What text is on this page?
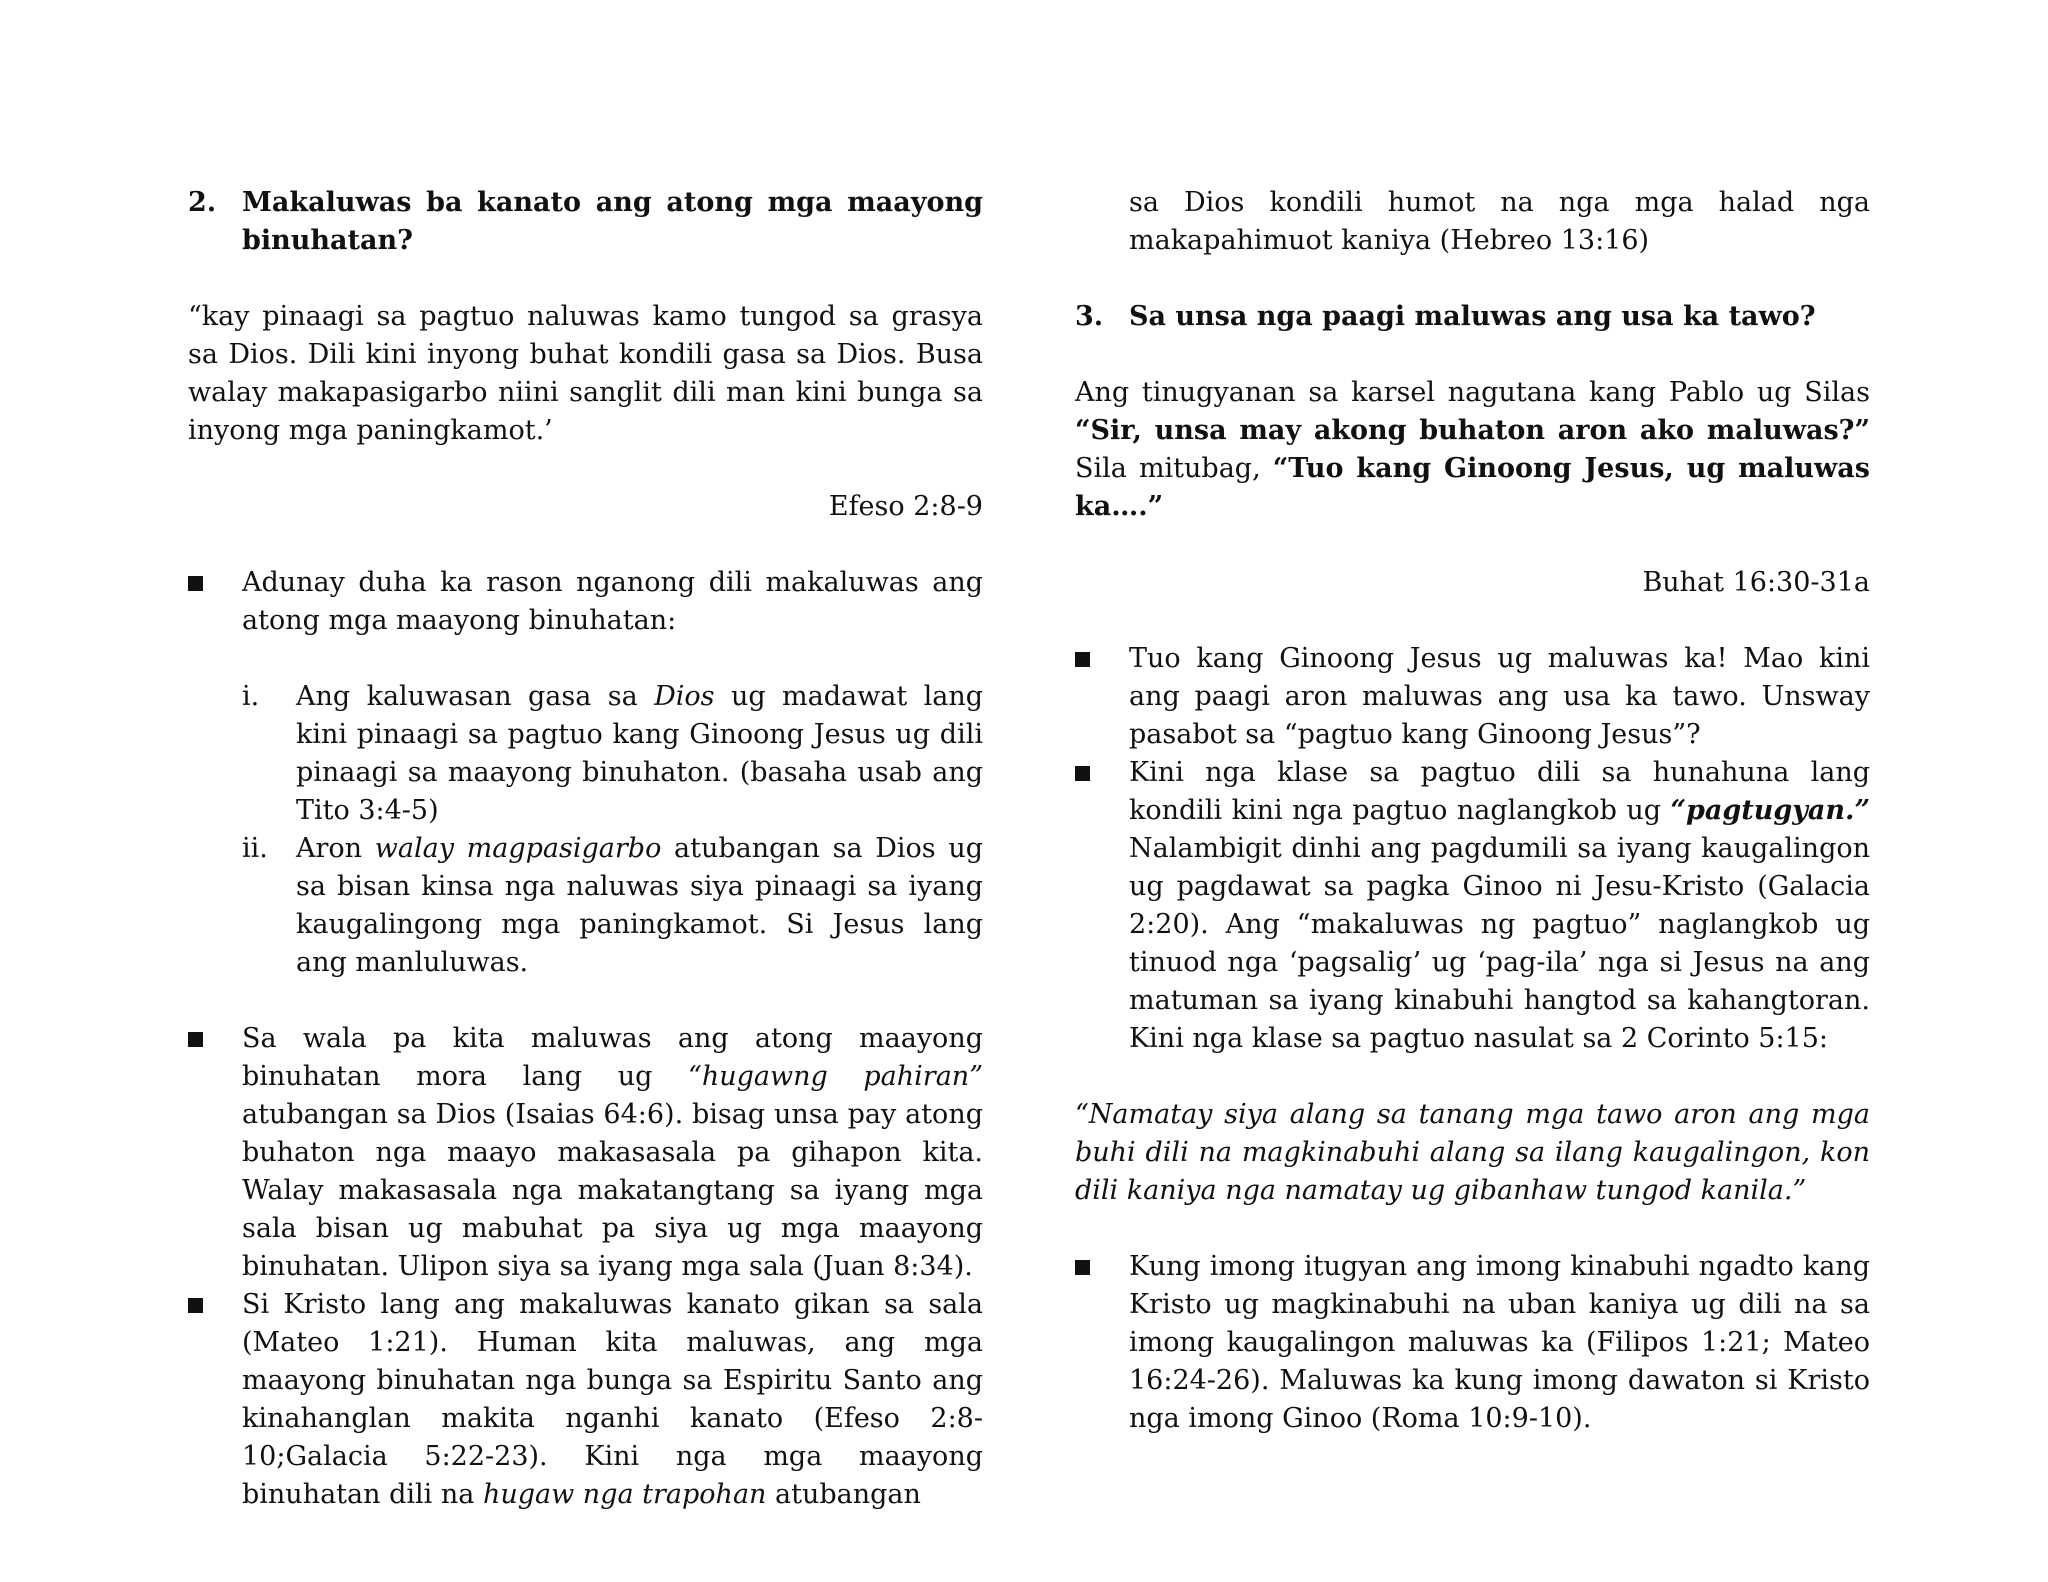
2. Makaluwas ba kanato ang atong mga maayong binuhatan?

“kay pinaagi sa pagtuo naluwas kamo tungod sa grasya sa Dios. Dili kini inyong buhat kondili gasa sa Dios. Busa walay makapasigarbo niini sanglit dili man kini bunga sa inyong mga paningkamot.’

Efeso 2:8-9

Adunay duha ka rason nganong dili makaluwas ang atong mga maayong binuhatan:
i.	Ang kaluwasan gasa sa Dios ug madawat lang kini pinaagi sa pagtuo kang Ginoong Jesus ug dili pinaagi sa maayong binuhaton. (basaha usab ang Tito 3:4-5)
ii.	Aron walay magpasigarbo atubangan sa Dios ug sa bisan kinsa nga naluwas siya pinaagi sa iyang kaugalingong mga paningkamot. Si Jesus lang ang manluluwas.
Sa wala pa kita maluwas ang atong maayong binuhatan mora lang ug “hugawng pahiran” atubangan sa Dios (Isaias 64:6). bisag unsa pay atong buhaton nga maayo makasasala pa gihapon kita. Walay makasasala nga makatangtang sa iyang mga sala bisan ug mabuhat pa siya ug mga maayong binuhatan. Ulipon siya sa iyang mga sala (Juan 8:34).
Si Kristo lang ang makaluwas kanato gikan sa sala (Mateo 1:21). Human kita maluwas, ang mga maayong binuhatan nga bunga sa Espiritu Santo ang kinahanglan makita nganhi kanato (Efeso 2:8-10;Galacia 5:22-23). Kini nga mga maayong binuhatan dili na hugaw nga trapohan atubangan

sa Dios kondili humot na nga mga halad nga makapahimuot kaniya (Hebreo 13:16)

3. Sa unsa nga paagi maluwas ang usa ka tawo?

Ang tinugyanan sa karsel nagutana kang Pablo ug Silas “Sir, unsa may akong buhaton aron ako maluwas?” Sila mitubag, “Tuo kang Ginoong Jesus, ug maluwas ka….”

Buhat 16:30-31a

Tuo kang Ginoong Jesus ug maluwas ka! Mao kini ang paagi aron maluwas ang usa ka tawo. Unsway pasabot sa “pagtuo kang Ginoong Jesus”?
Kini nga klase sa pagtuo dili sa hunahuna lang kondili kini nga pagtuo naglangkob ug “pagtugyan.” Nalambigit dinhi ang pagdumili sa iyang kaugalingon ug pagdawat sa pagka Ginoo ni Jesu-Kristo (Galacia 2:20). Ang “makaluwas ng pagtuo” naglangkob ug tinuod nga ‘pagsalig’ ug ‘pag-ila’ nga si Jesus na ang matuman sa iyang kinabuhi hangtod sa kahangtoran. Kini nga klase sa pagtuo nasulat sa 2 Corinto 5:15:

“Namatay siya alang sa tanang mga tawo aron ang mga buhi dili na magkinabuhi alang sa ilang kaugalingon, kon dili kaniya nga namatay ug gibanhaw tungod kanila.”

Kung imong itugyan ang imong kinabuhi ngadto kang Kristo ug magkinabuhi na uban kaniya ug dili na sa imong kaugalingon maluwas ka (Filipos 1:21; Mateo 16:24-26). Maluwas ka kung imong dawaton si Kristo nga imong Ginoo (Roma 10:9-10).
